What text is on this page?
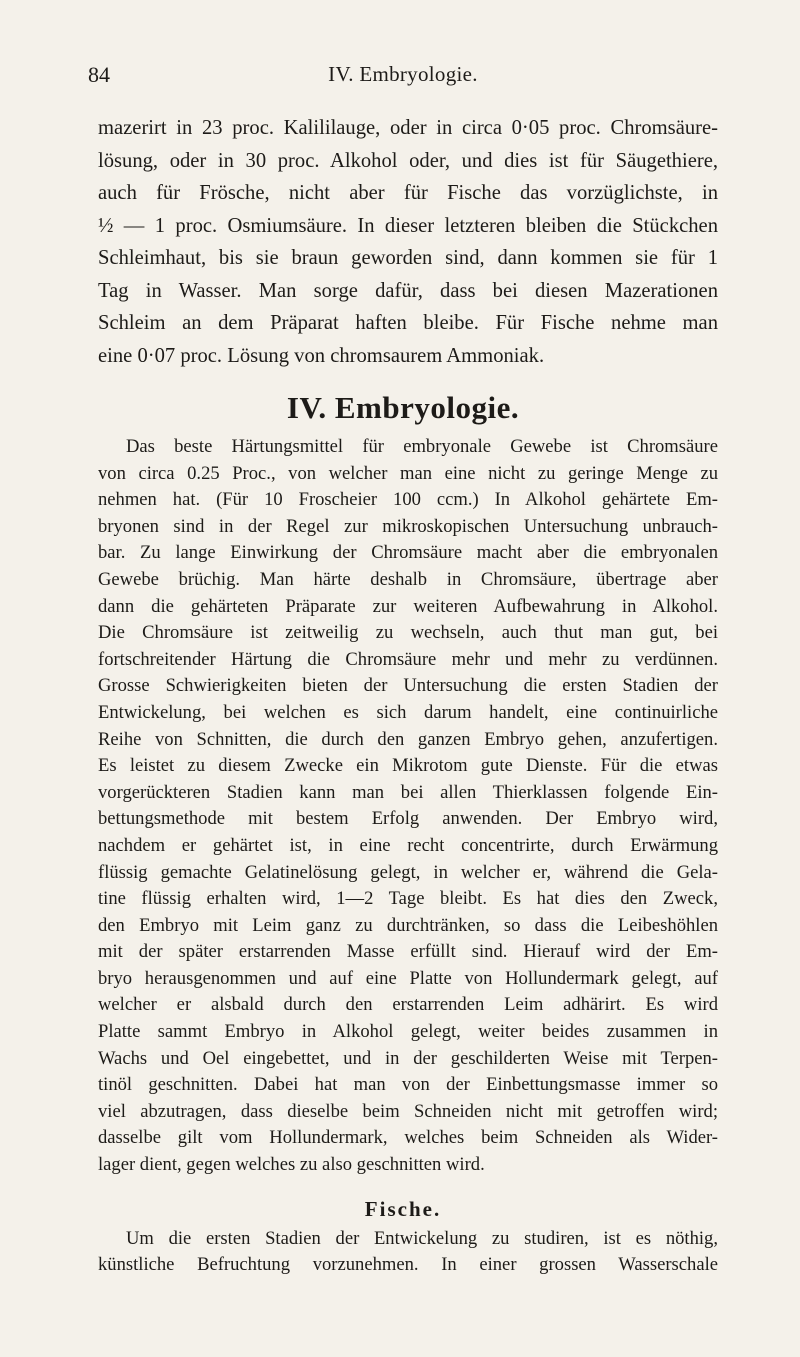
84	IV. Embryologie.

mazerirt in 23 proc. Kalililauge, oder in circa 0·05 proc. Chromsäure-
lösung, oder in 30 proc. Alkohol oder, und dies ist für Säugethiere,
auch für Frösche, nicht aber für Fische das vorzüglichste, in
½ — 1 proc. Osmiumsäure. In dieser letzteren bleiben die Stückchen
Schleimhaut, bis sie braun geworden sind, dann kommen sie für 1
Tag in Wasser. Man sorge dafür, dass bei diesen Mazerationen
Schleim an dem Präparat haften bleibe. Für Fische nehme man
eine 0·07 proc. Lösung von chromsaurem Ammoniak.

IV. Embryologie.

Das beste Härtungsmittel für embryonale Gewebe ist Chromsäure
von circa 0.25 Proc., von welcher man eine nicht zu geringe Menge zu
nehmen hat. (Für 10 Froscheier 100 ccm.) In Alkohol gehärtete Em-
bryonen sind in der Regel zur mikroskopischen Untersuchung unbrauch-
bar. Zu lange Einwirkung der Chromsäure macht aber die embryonalen
Gewebe brüchig. Man härte deshalb in Chromsäure, übertrage aber
dann die gehärteten Präparate zur weiteren Aufbewahrung in Alkohol.
Die Chromsäure ist zeitweilig zu wechseln, auch thut man gut, bei
fortschreitender Härtung die Chromsäure mehr und mehr zu verdünnen.
Grosse Schwierigkeiten bieten der Untersuchung die ersten Stadien der
Entwickelung, bei welchen es sich darum handelt, eine continuirliche
Reihe von Schnitten, die durch den ganzen Embryo gehen, anzufertigen.
Es leistet zu diesem Zwecke ein Mikrotom gute Dienste. Für die etwas
vorgerückteren Stadien kann man bei allen Thierklassen folgende Ein-
bettungsmethode mit bestem Erfolg anwenden. Der Embryo wird,
nachdem er gehärtet ist, in eine recht concentrirte, durch Erwärmung
flüssig gemachte Gelatinelösung gelegt, in welcher er, während die Gela-
tine flüssig erhalten wird, 1—2 Tage bleibt. Es hat dies den Zweck,
den Embryo mit Leim ganz zu durchtränken, so dass die Leibeshöhlen
mit der später erstarrenden Masse erfüllt sind. Hierauf wird der Em-
bryo herausgenommen und auf eine Platte von Hollundermark gelegt, auf
welcher er alsbald durch den erstarrenden Leim adhärirt. Es wird
Platte sammt Embryo in Alkohol gelegt, weiter beides zusammen in
Wachs und Oel eingebettet, und in der geschilderten Weise mit Terpen-
tinöl geschnitten. Dabei hat man von der Einbettungsmasse immer so
viel abzutragen, dass dieselbe beim Schneiden nicht mit getroffen wird;
dasselbe gilt vom Hollundermark, welches beim Schneiden als Wider-
lager dient, gegen welches zu also geschnitten wird.

Fische.

Um die ersten Stadien der Entwickelung zu studiren, ist es nöthig,
künstliche Befruchtung vorzunehmen. In einer grossen Wasserschale
